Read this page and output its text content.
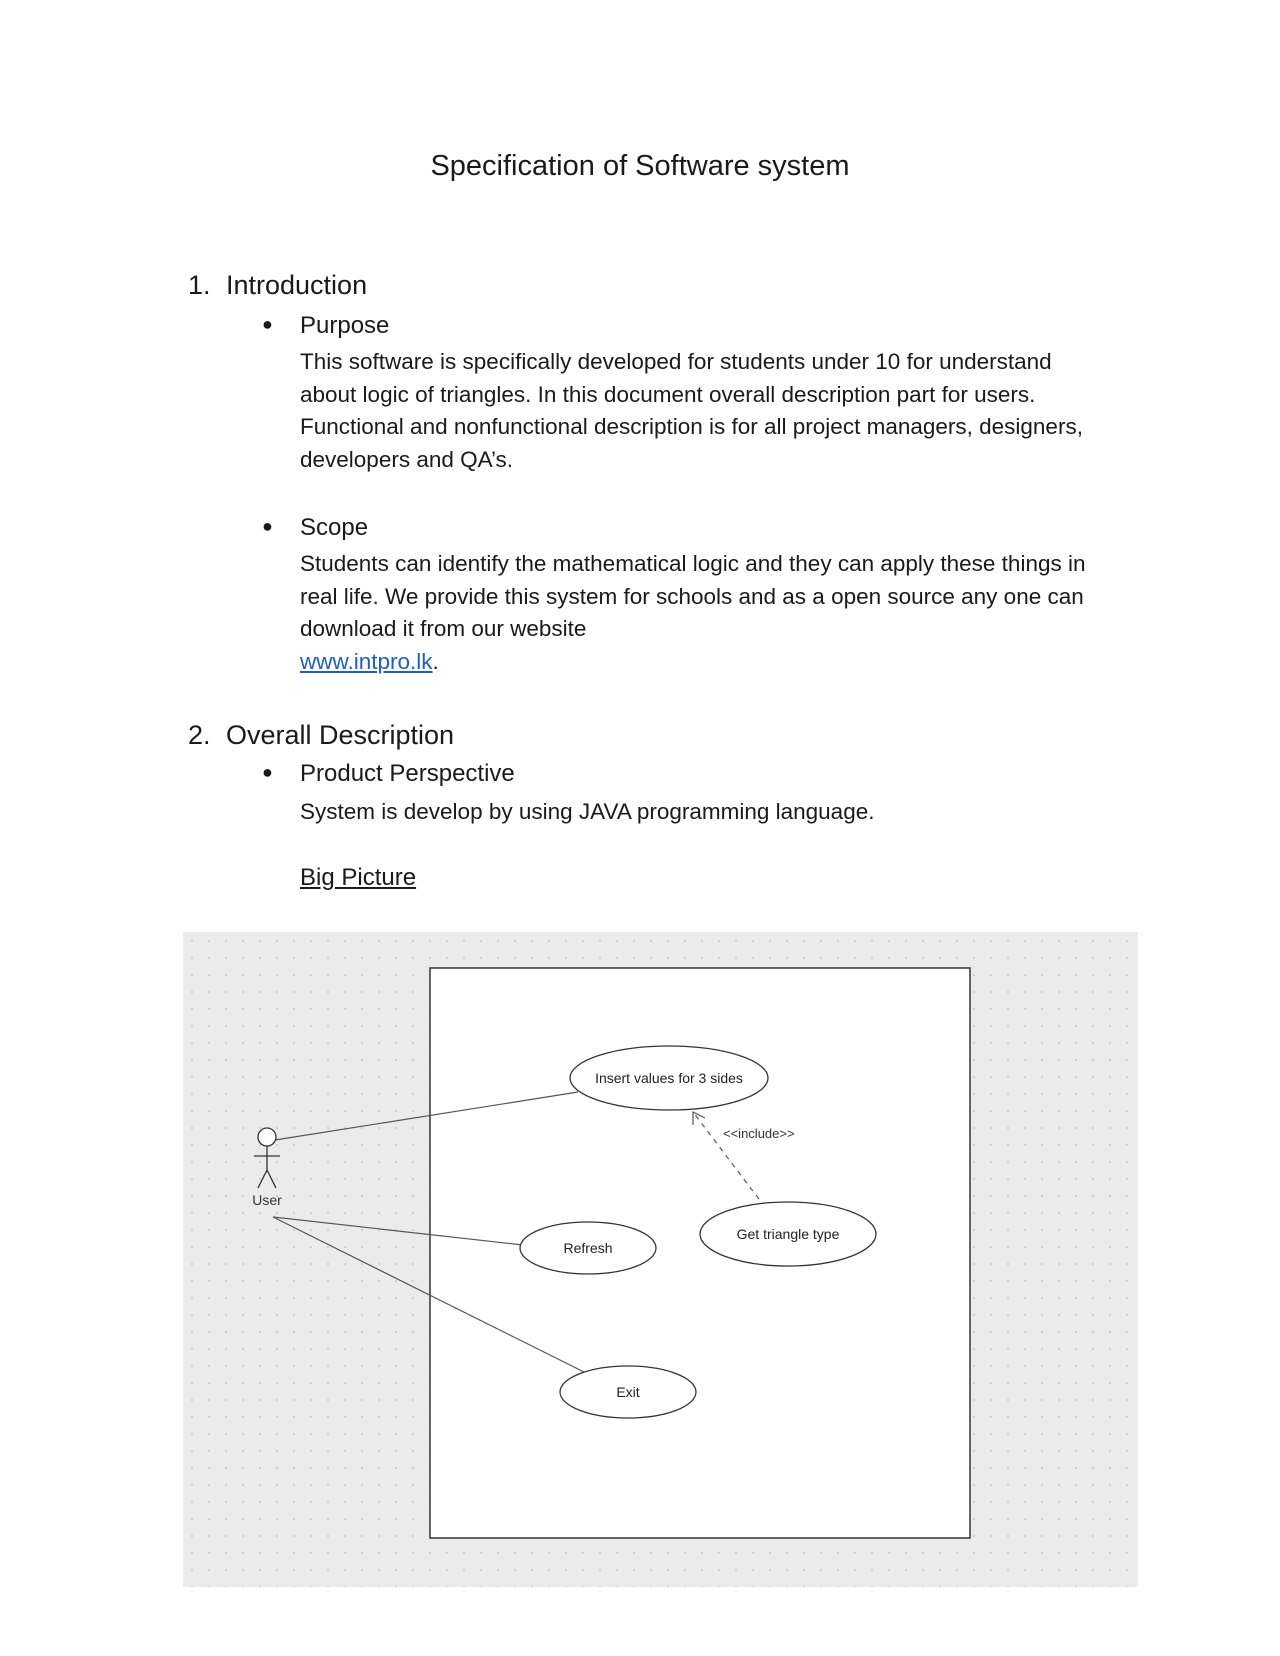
Specification of Software system
1. Introduction
● Purpose
This software is specifically developed for students under 10 for understand
about logic of triangles. In this document overall description part for users.
Functional and nonfunctional description is for all project managers, designers,
developers and QA’s.
● Scope
Students can identify the mathematical logic and they can apply these things in
real life. We provide this system for schools and as a open source any one can
download it from our website
www.intpro.lk.
2. Overall Description
● Product Perspective
System is develop by using JAVA programming language.
Big Picture
<<include>>
User
Insert values for 3 sides
Refresh
Exit
Get triangle type
